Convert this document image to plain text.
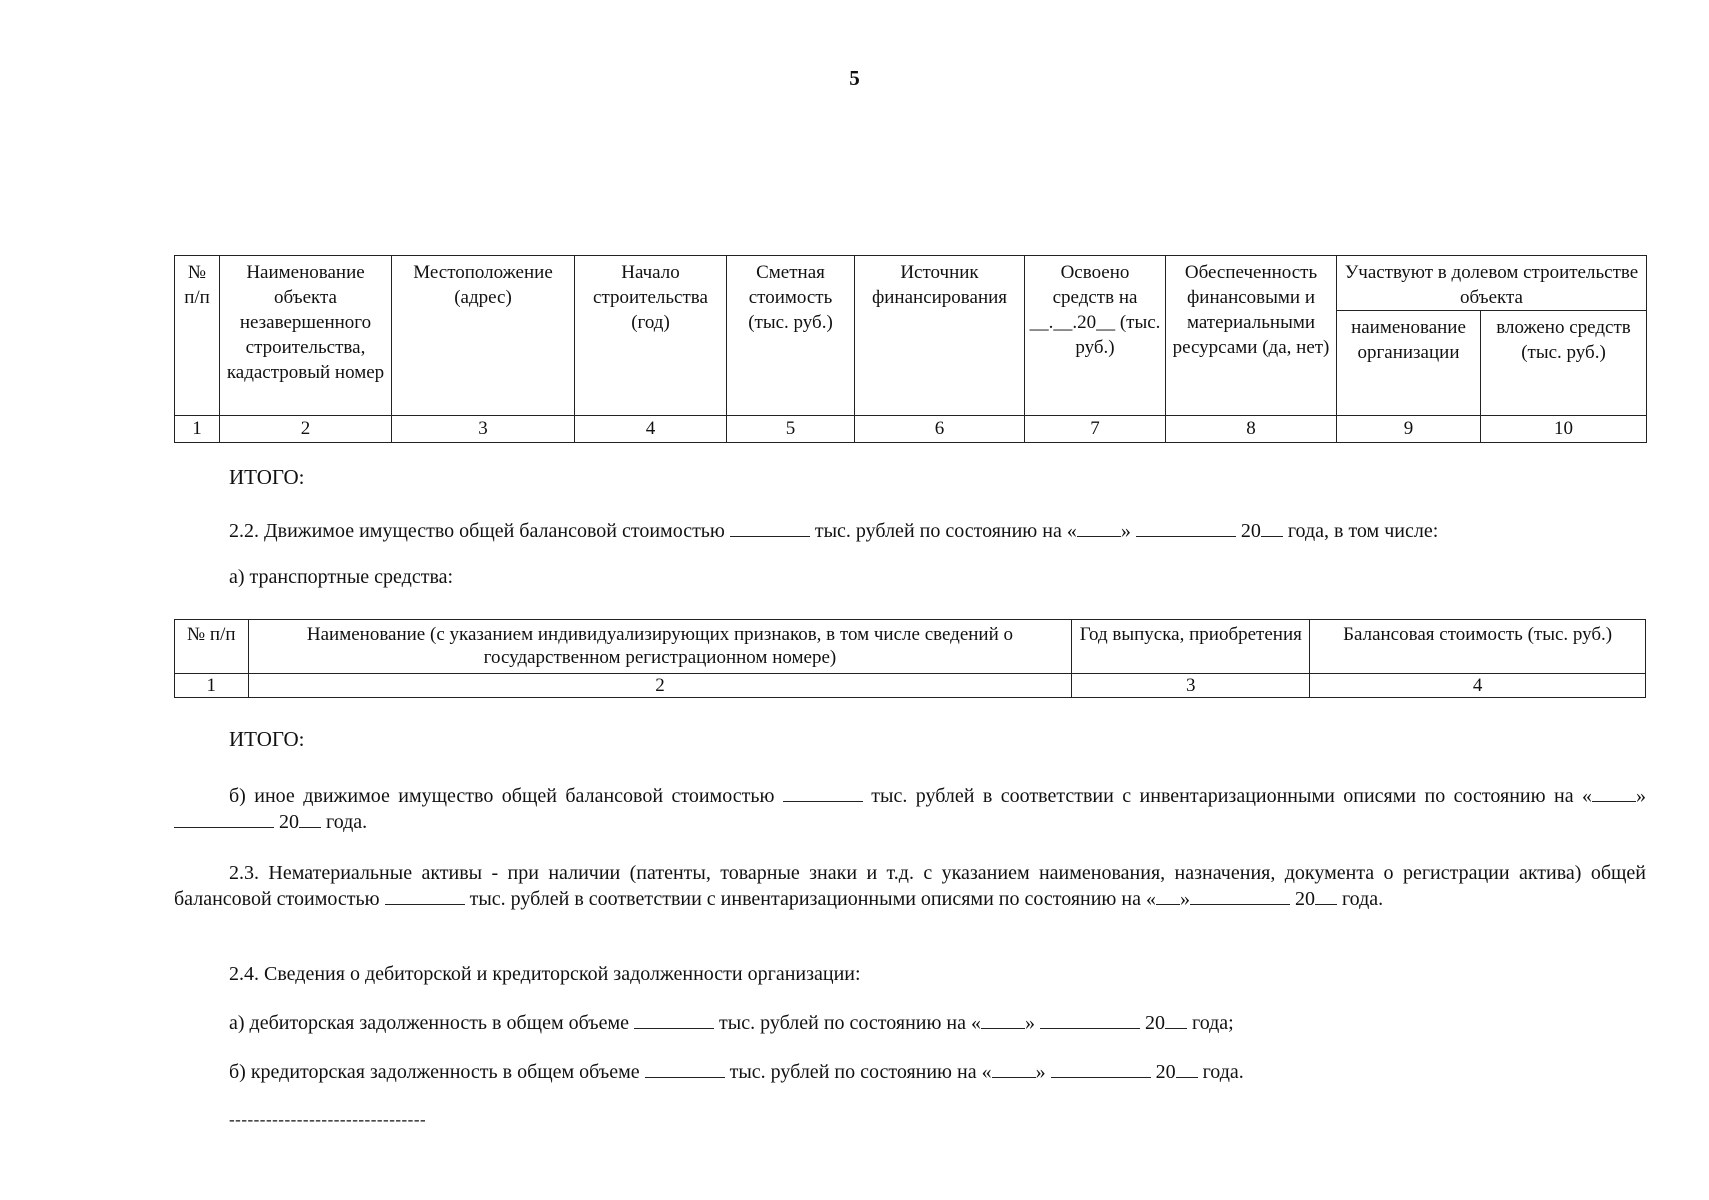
5
№ п/п	Наименование объекта незавершенного строительства, кадастровый номер	Местоположение (адрес)	Начало строительства (год)	Сметная стоимость (тыс. руб.)	Источник финансирования	Освоено средств на __.__.20__ (тыс. руб.)	Обеспеченность финансовыми и материальными ресурсами (да, нет)	Участвуют в долевом строительстве объекта	
								наименование организации	вложено средств (тыс. руб.)
1	2	3	4	5	6	7	8	9	10
ИТОГО:
2.2. Движимое имущество общей балансовой стоимостью	тыс. рублей по состоянию на « »	20 года, в том числе:
а) транспортные средства:
№ п/п	Наименование (с указанием индивидуализирующих признаков, в том числе сведений о государственном регистрационном номере)	Год выпуска, приобретения	Балансовая стоимость (тыс. руб.)
1	2	3	4
ИТОГО:
б) иное движимое имущество общей балансовой стоимостью	тыс. рублей в соответствии с инвентаризационными описями по состоянию на « »  20 года.
2.3. Нематериальные активы - при наличии (патенты, товарные знаки и т.д. с указанием наименования, назначения, документа о регистрации актива) общей балансовой стоимостью	тыс. рублей в соответствии с инвентаризационными описями по состоянию на « »	20 года.
2.4. Сведения о дебиторской и кредиторской задолженности организации:
а) дебиторская задолженность в общем объеме	тыс. рублей по состоянию на « »	20 года;
б) кредиторская задолженность в общем объеме	тыс. рублей по состоянию на « »	20 года.
--------------------------------
